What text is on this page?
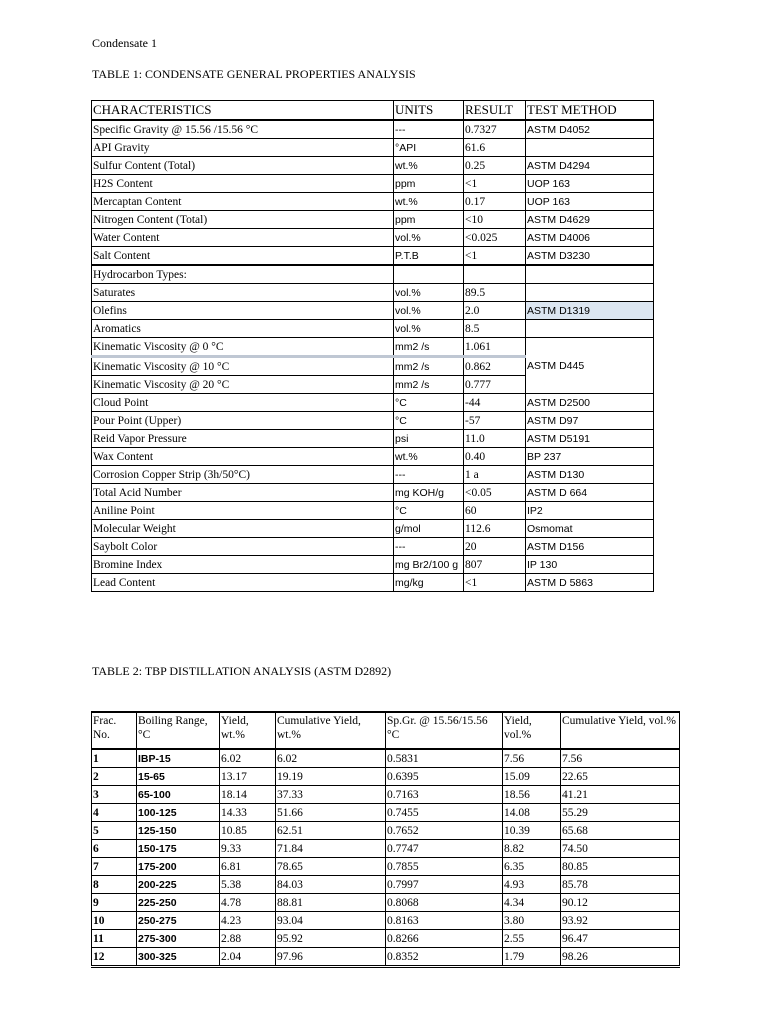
Condensate 1
TABLE 1: CONDENSATE GENERAL PROPERTIES ANALYSIS
CHARACTERISTICS	UNITS	RESULT	TEST METHOD
Specific Gravity @ 15.56 /15.56 °C	---	0.7327	ASTM D4052
API Gravity	°API	61.6	
Sulfur Content (Total)	wt.%	0.25	ASTM D4294
H2S Content	ppm	<1	UOP 163
Mercaptan Content	wt.%	0.17	UOP 163
Nitrogen Content (Total)	ppm	<10	ASTM D4629
Water Content	vol.%	<0.025	ASTM D4006
Salt Content	P.T.B	<1	ASTM D3230
Hydrocarbon Types:			
Saturates	vol.%	89.5	
Olefins	vol.%	2.0	ASTM D1319
Aromatics	vol.%	8.5	
Kinematic Viscosity @ 0 °C	mm2 /s	1.061	ASTM D445
Kinematic Viscosity @ 10 °C	mm2 /s	0.862	
Kinematic Viscosity @ 20 °C	mm2 /s	0.777	
Cloud Point	°C	-44	ASTM D2500
Pour Point (Upper)	°C	-57	ASTM D97
Reid Vapor Pressure	psi	11.0	ASTM D5191
Wax Content	wt.%	0.40	BP 237
Corrosion Copper Strip (3h/50°C)	---	1 a	ASTM D130
Total Acid Number	mg KOH/g	<0.05	ASTM D 664
Aniline Point	°C	60	IP2
Molecular Weight	g/mol	112.6	Osmomat
Saybolt Color	---	20	ASTM D156
Bromine Index	mg Br2/100 g	807	IP 130
Lead Content	mg/kg	<1	ASTM D 5863
TABLE 2: TBP DISTILLATION ANALYSIS (ASTM D2892)
Frac. No.	Boiling Range, °C	Yield, wt.%	Cumulative Yield, wt.%	Sp.Gr. @ 15.56/15.56 °C	Yield, vol.%	Cumulative Yield, vol.%
1	IBP-15	6.02	6.02	0.5831	7.56	7.56
2	15-65	13.17	19.19	0.6395	15.09	22.65
3	65-100	18.14	37.33	0.7163	18.56	41.21
4	100-125	14.33	51.66	0.7455	14.08	55.29
5	125-150	10.85	62.51	0.7652	10.39	65.68
6	150-175	9.33	71.84	0.7747	8.82	74.50
7	175-200	6.81	78.65	0.7855	6.35	80.85
8	200-225	5.38	84.03	0.7997	4.93	85.78
9	225-250	4.78	88.81	0.8068	4.34	90.12
10	250-275	4.23	93.04	0.8163	3.80	93.92
11	275-300	2.88	95.92	0.8266	2.55	96.47
12	300-325	2.04	97.96	0.8352	1.79	98.26
